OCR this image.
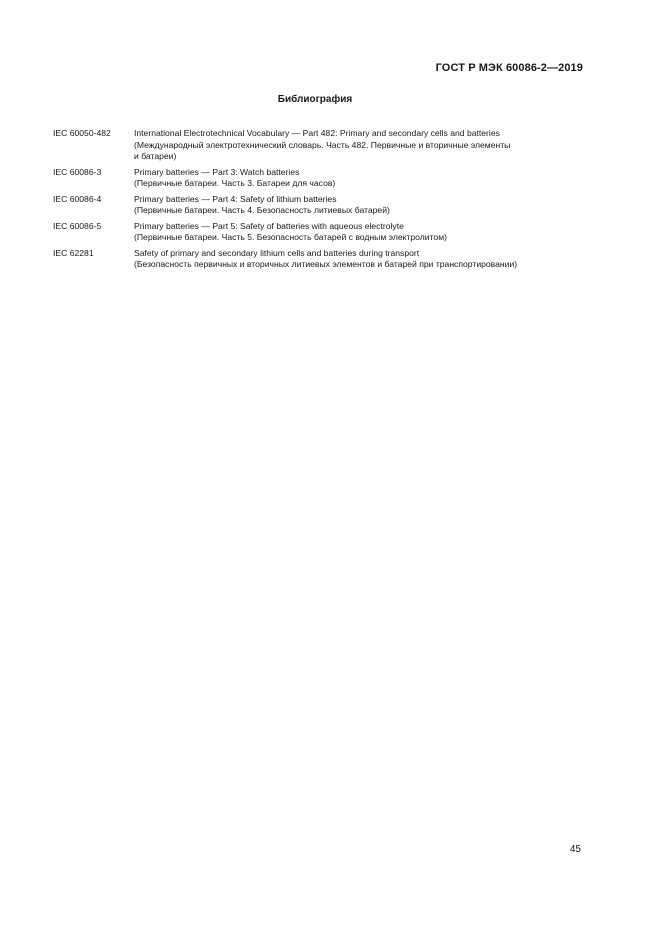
ГОСТ Р МЭК 60086-2—2019
Библиография
IEC 60050-482	International Electrotechnical Vocabulary — Part 482: Primary and secondary cells and batteries
(Международный электротехнический словарь. Часть 482. Первичные и вторичные элементы
и батареи)
IEC 60086-3	Primary batteries — Part 3: Watch batteries
(Первичные батареи. Часть 3. Батареи для часов)
IEC 60086-4	Primary batteries — Part 4: Safety of lithium batteries
(Первичные батареи. Часть 4. Безопасность литиевых батарей)
IEC 60086-5	Primary batteries — Part 5: Safety of batteries with aqueous electrolyte
(Первичные батареи. Часть 5. Безопасность батарей с водным электролитом)
IEC 62281	Safety of primary and secondary lithium cells and batteries during transport
(Безопасность первичных и вторичных литиевых элементов и батарей при транспортировании)
45
